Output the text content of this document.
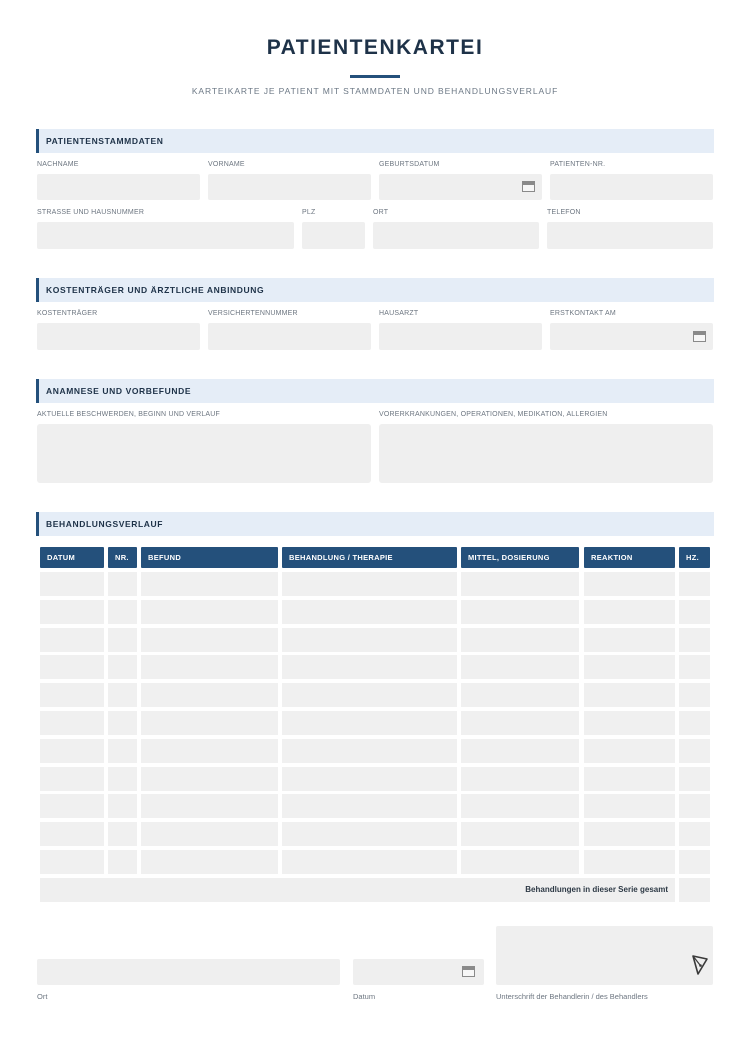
PATIENTENKARTEI
KARTEIKARTE JE PATIENT MIT STAMMDATEN UND BEHANDLUNGSVERLAUF
PATIENTENSTAMMDATEN
NACHNAME	VORNAME	GEBURTSDATUM	PATIENTEN-NR.
STRASSE UND HAUSNUMMER	PLZ	ORT	TELEFON
KOSTENTRÄGER UND ÄRZTLICHE ANBINDUNG
KOSTENTRÄGER	VERSICHERTENNUMMER	HAUSARZT	ERSTKONTAKT AM
ANAMNESE UND VORBEFUNDE
AKTUELLE BESCHWERDEN, BEGINN UND VERLAUF	VORERKRANKUNGEN, OPERATIONEN, MEDIKATION, ALLERGIEN
BEHANDLUNGSVERLAUF
DATUM	NR.	BEFUND	BEHANDLUNG / THERAPIE	MITTEL, DOSIERUNG	REAKTION	HZ.
Behandlungen in dieser Serie gesamt
Ort	Datum	Unterschrift der Behandlerin / des Behandlers
